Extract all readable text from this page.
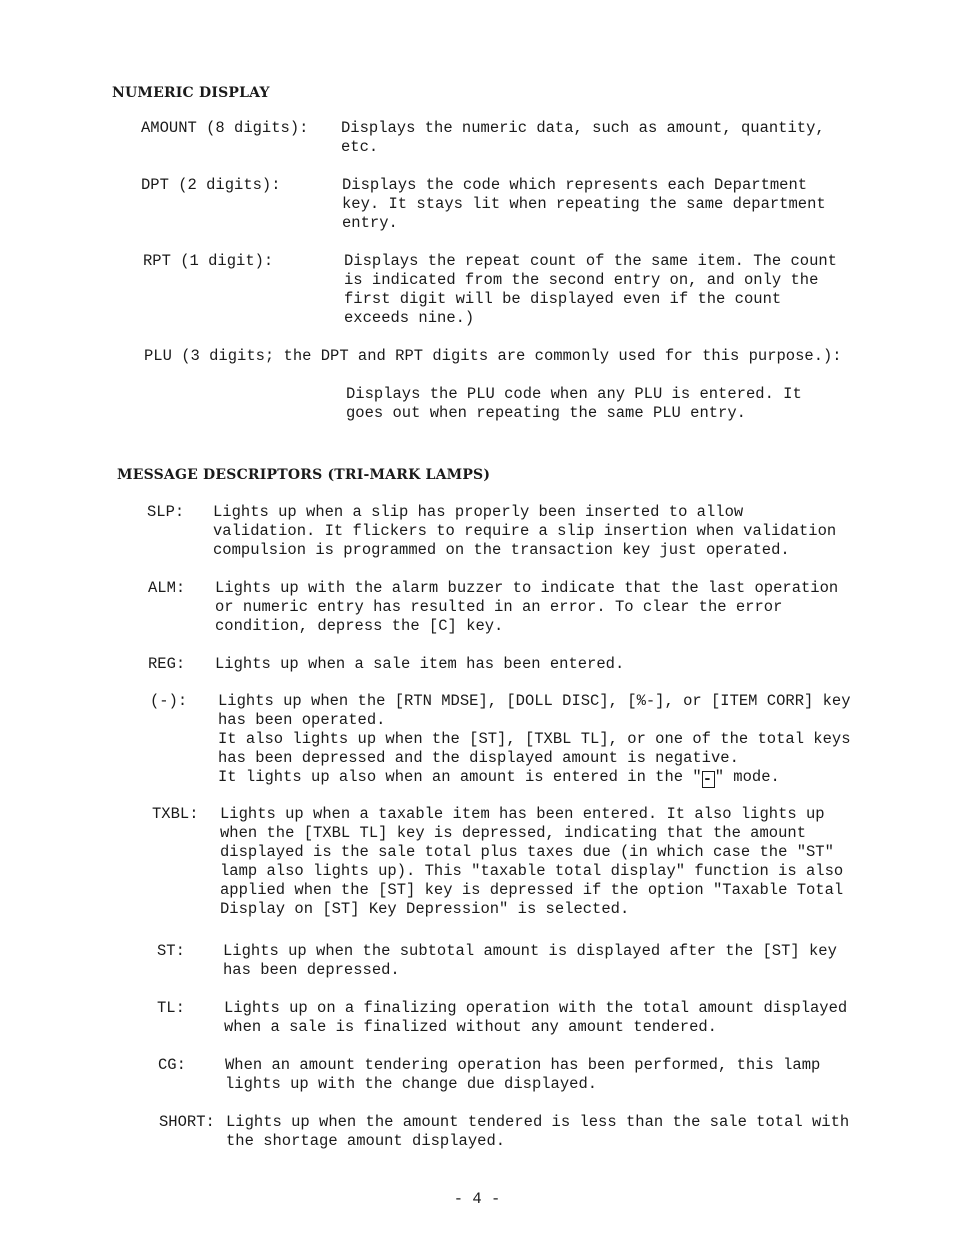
NUMERIC DISPLAY
AMOUNT (8 digits): Displays the numeric data, such as amount, quantity,
etc.
DPT (2 digits):	Displays the code which represents each Department
key. It stays lit when repeating the same department
entry.
RPT (1 digit):	Displays the repeat count of the same item. The count
is indicated from the second entry on, and only the
first digit will be displayed even if the count
exceeds nine.)
PLU (3 digits; the DPT and RPT digits are commonly used for this purpose.):
Displays the PLU code when any PLU is entered. It
goes out when repeating the same PLU entry.
MESSAGE DESCRIPTORS (TRI-MARK LAMPS)
SLP: Lights up when a slip has properly been inserted to allow
validation. It flickers to require a slip insertion when validation
compulsion is programmed on the transaction key just operated.
ALM: Lights up with the alarm buzzer to indicate that the last operation
or numeric entry has resulted in an error. To clear the error
condition, depress the [C] key.
REG: Lights up when a sale item has been entered.
(-): Lights up when the [RTN MDSE], [DOLL DISC], [%-], or [ITEM CORR] key
has been operated.
It also lights up when the [ST], [TXBL TL], or one of the total keys
has been depressed and the displayed amount is negative.
It lights up also when an amount is entered in the "- " mode.
TXBL: Lights up when a taxable item has been entered. It also lights up
when the [TXBL TL] key is depressed, indicating that the amount
displayed is the sale total plus taxes due (in which case the "ST"
lamp also lights up). This "taxable total display" function is also
applied when the [ST] key is depressed if the option "Taxable Total
Display on [ST] Key Depression" is selected.
ST: Lights up when the subtotal amount is displayed after the [ST] key
has been depressed.
TL:	Lights up on a finalizing operation with the total amount displayed
when a sale is finalized without any amount tendered.
CG:	When an amount tendering operation has been performed, this lamp
lights up with the change due displayed.
SHORT: Lights up when the amount tendered is less than the sale total with
the shortage amount displayed.
- 4 -
